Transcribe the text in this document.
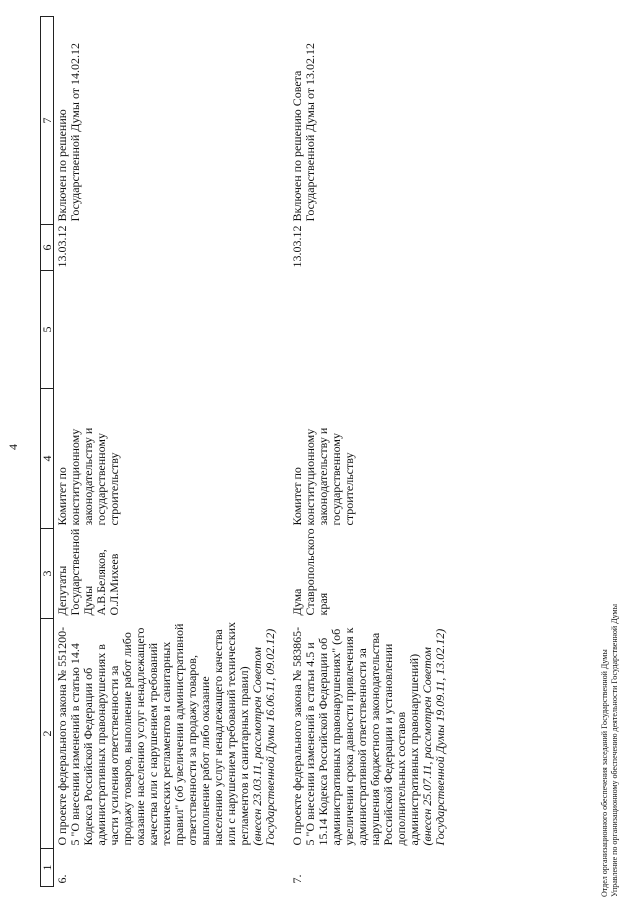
4
1	2	3	4	5	6	7
6.	О проекте федерального закона № 551200-5 "О внесении изменений в статью 14.4 Кодекса Российской Федерации об административных правонарушениях в части усиления ответственности за продажу товаров, выполнение работ либо оказание населению услуг ненадлежащего качества или с нарушением требований технических регламентов и санитарных правил" (об увеличении административной ответственности за продажу товаров, выполнение работ либо оказание населению услуг ненадлежащего качества или с нарушением требований технических регламентов и санитарных правил) (внесен 23.03.11, рассмотрен Советом Государственной Думы 16.06.11, 09.02.12)	Депутаты Государственной Думы А.В.Беляков, О.Л.Михеев	Комитет по конституционному законодательству и государственному строительству		13.03.12	Включен по решению Государственной Думы от 14.02.12
7.	О проекте федерального закона № 583865-5 "О внесении изменений в статьи 4.5 и 15.14 Кодекса Российской Федерации об административных правонарушениях" (об увеличении срока давности привлечения к административной ответственности за нарушения бюджетного законодательства Российской Федерации и установлении дополнительных составов административных правонарушений) (внесен 25.07.11, рассмотрен Советом Государственной Думы 19.09.11, 13.02.12)	Дума Ставропольского края	Комитет по конституционному законодательству и государственному строительству		13.03.12	Включен по решению Совета Государственной Думы от 13.02.12
Отдел организационного обеспечения заседаний Государственной Думы Управление по организационному обеспечению деятельности Государственной Думы
